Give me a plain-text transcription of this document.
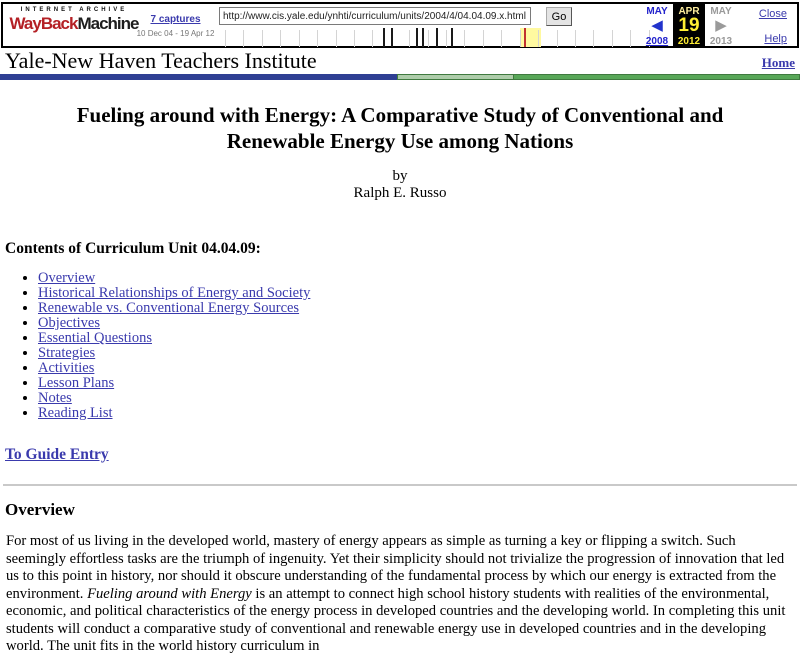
INTERNET ARCHIVE
WayBackMachine	7 captures
10 Dec 04 - 19 Apr 12
http://www.cis.yale.edu/ynhti/curriculum/units/2004/4/04.04.09.x.html
Go	MAY
◀
2008
APR
19
2012
MAY
▶
2013
Close
Help
Yale-New Haven Teachers Institute	Home
Fueling around with Energy: A Comparative Study of Conventional and Renewable Energy Use among Nations
by
Ralph E. Russo
Contents of Curriculum Unit 04.04.09:
• Overview
• Historical Relationships of Energy and Society
• Renewable vs. Conventional Energy Sources
• Objectives
• Essential Questions
• Strategies
• Activities
• Lesson Plans
• Notes
• Reading List
To Guide Entry
Overview

For most of us living in the developed world, mastery of energy appears as simple as turning a key or flipping a switch. Such seemingly effortless tasks are the triumph of ingenuity. Yet their simplicity should not trivialize the progression of innovation that led us to this point in history, nor should it obscure understanding of the fundamental process by which our energy is extracted from the environment. Fueling around with Energy is an attempt to connect high school history students with realities of the environmental, economic, and political characteristics of the energy process in developed countries and the developing world. In completing this unit students will conduct a comparative study of conventional and renewable energy use in developed countries and in the developing world. The unit fits in the world history curriculum in
